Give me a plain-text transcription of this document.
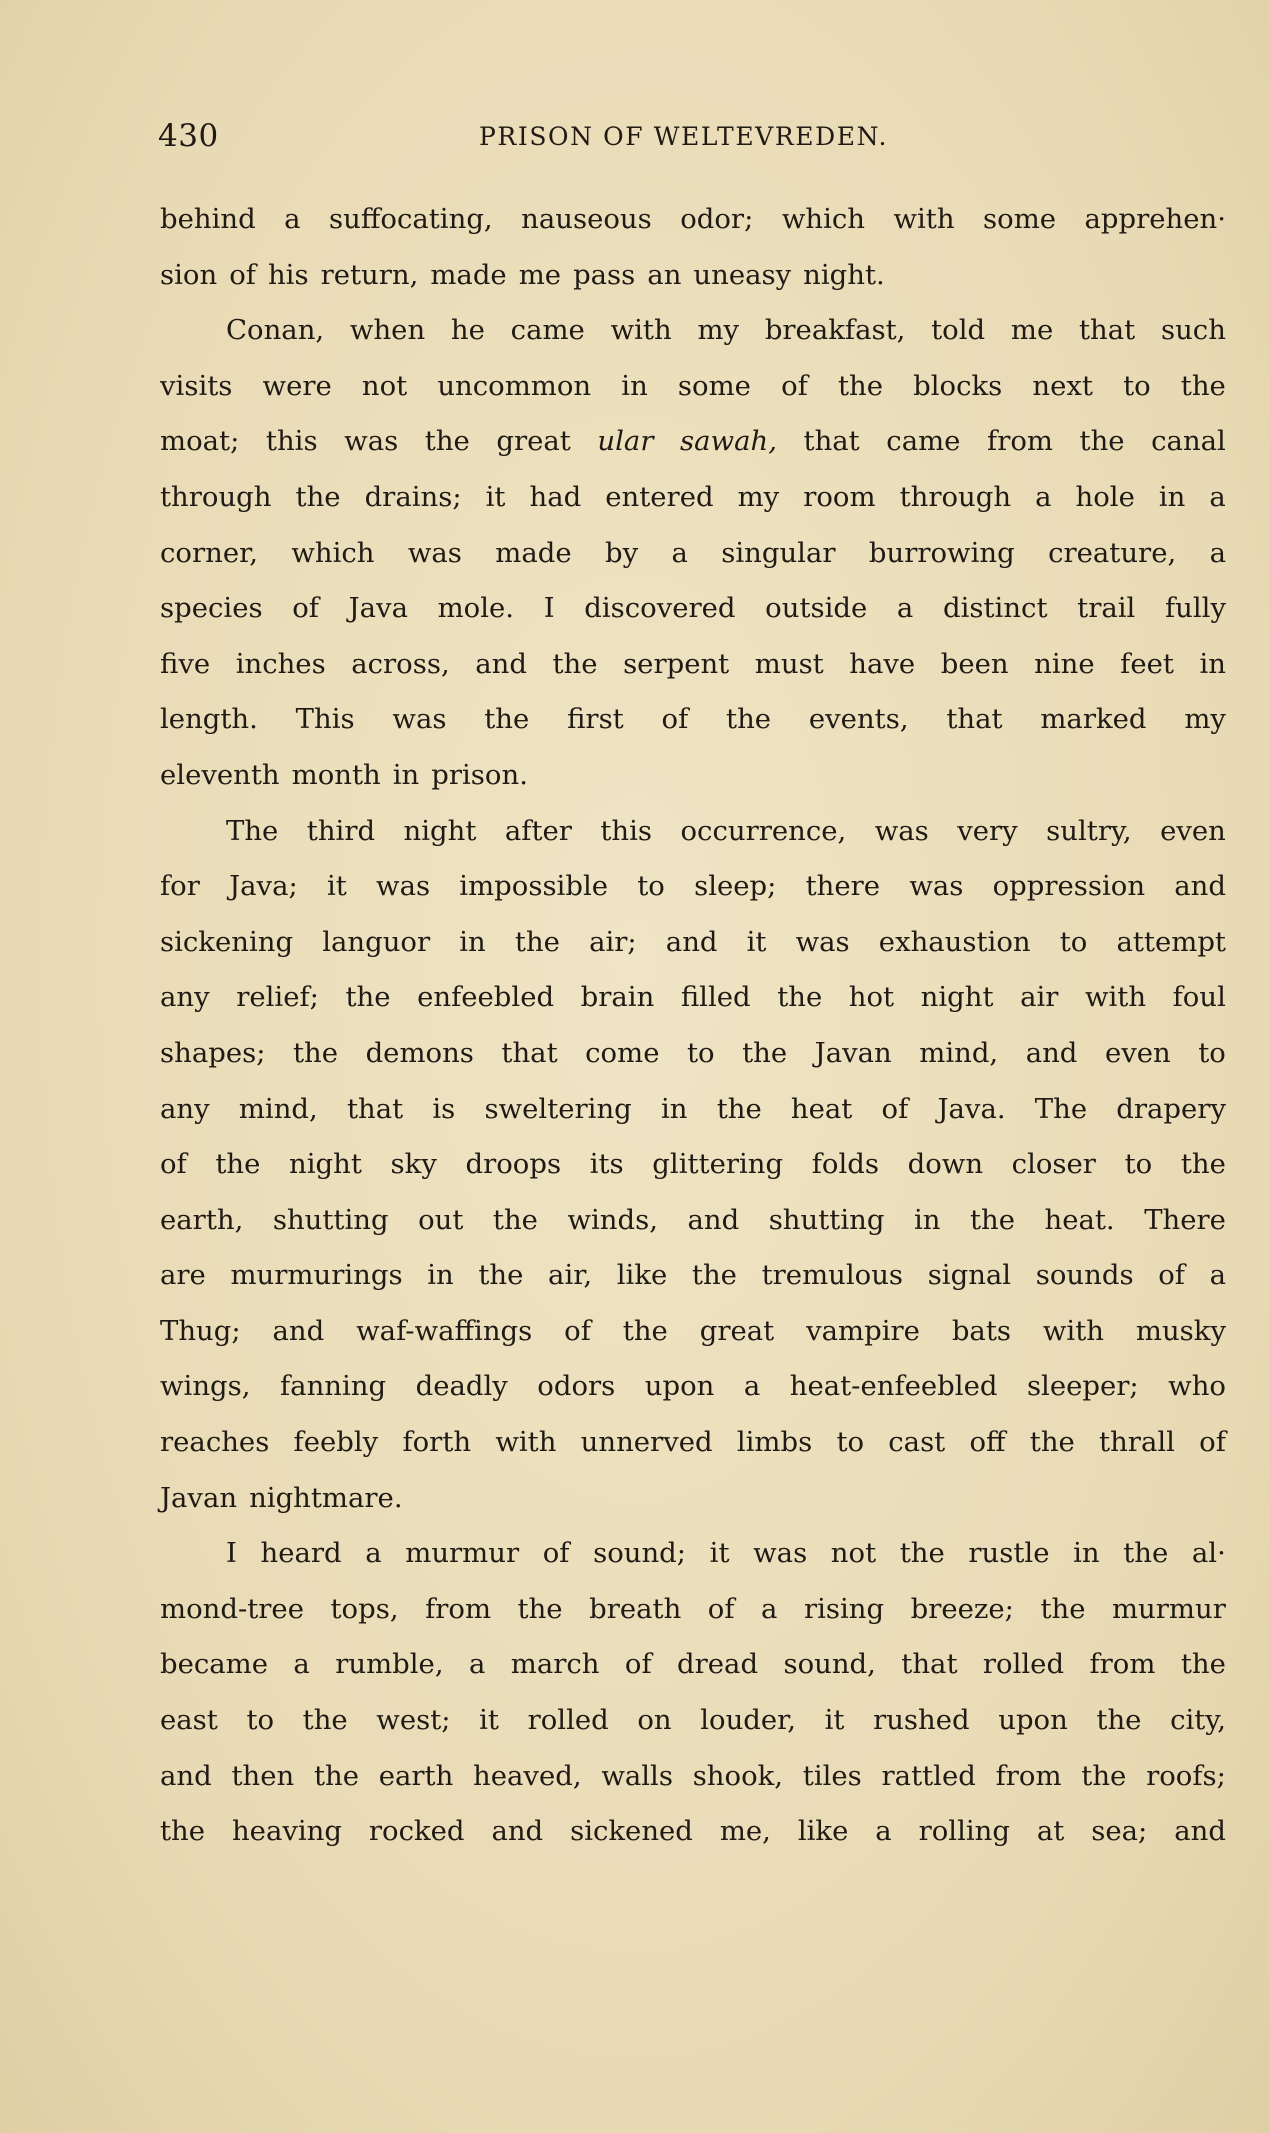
430	PRISON OF WELTEVREDEN.
behind a suffocating, nauseous odor; which with some apprehen·
sion of his return, made me pass an uneasy night.
Conan, when he came with my breakfast, told me that such
visits were not uncommon in some of the blocks next to the
moat; this was the great ular sawah, that came from the canal
through the drains; it had entered my room through a hole in a
corner, which was made by a singular burrowing creature, a
species of Java mole. I discovered outside a distinct trail fully
five inches across, and the serpent must have been nine feet in
length. This was the first of the events, that marked my
eleventh month in prison.
The third night after this occurrence, was very sultry, even
for Java; it was impossible to sleep; there was oppression and
sickening languor in the air; and it was exhaustion to attempt
any relief; the enfeebled brain filled the hot night air with foul
shapes; the demons that come to the Javan mind, and even to
any mind, that is sweltering in the heat of Java. The drapery
of the night sky droops its glittering folds down closer to the
earth, shutting out the winds, and shutting in the heat. There
are murmurings in the air, like the tremulous signal sounds of a
Thug; and waf-waffings of the great vampire bats with musky
wings, fanning deadly odors upon a heat-enfeebled sleeper; who
reaches feebly forth with unnerved limbs to cast off the thrall of
Javan nightmare.
I heard a murmur of sound; it was not the rustle in the al·
mond-tree tops, from the breath of a rising breeze; the murmur
became a rumble, a march of dread sound, that rolled from the
east to the west; it rolled on louder, it rushed upon the city,
and then the earth heaved, walls shook, tiles rattled from the roofs;
the heaving rocked and sickened me, like a rolling at sea; and
